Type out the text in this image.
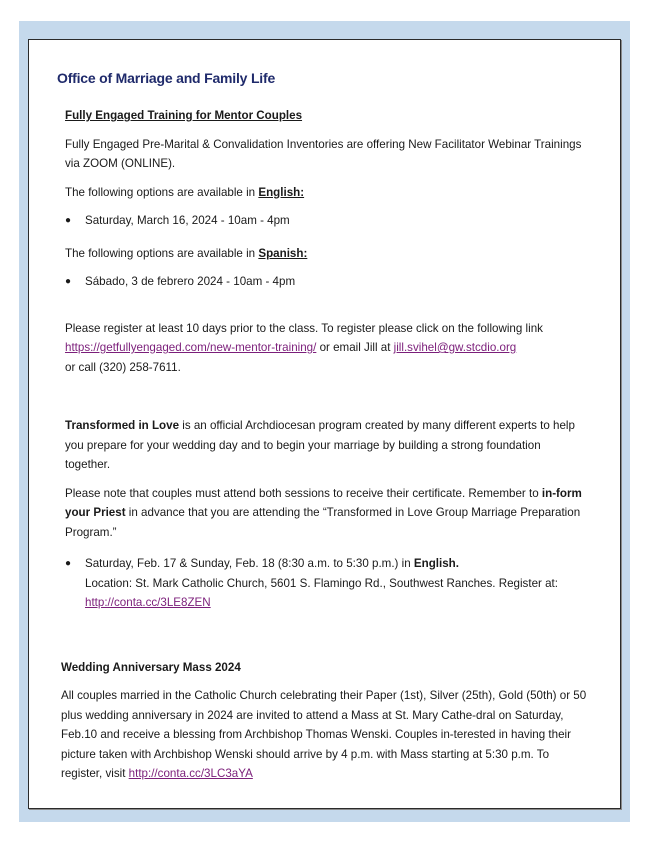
Office of Marriage and Family Life
Fully Engaged Training for Mentor Couples

Fully Engaged Pre-Marital & Convalidation Inventories are offering New Facilitator Webinar Trainings via ZOOM (ONLINE).

The following options are available in English:

●	Saturday, March 16, 2024 - 10am - 4pm

The following options are available in Spanish:

●	Sábado, 3 de febrero 2024 - 10am - 4pm

Please register at least 10 days prior to the class. To register please click on the following link https://getfullyengaged.com/new-mentor-training/ or email Jill at jill.svihel@gw.stcdio.org
or call (320) 258-7611.

Transformed in Love is an official Archdiocesan program created by many different experts to help you prepare for your wedding day and to begin your marriage by building a strong foundation together.

Please note that couples must attend both sessions to receive their certificate. Remember to in-form your Priest in advance that you are attending the “Transformed in Love Group Marriage Preparation Program.”

●	Saturday, Feb. 17 & Sunday, Feb. 18 (8:30 a.m. to 5:30 p.m.) in English.
Location: St. Mark Catholic Church, 5601 S. Flamingo Rd., Southwest Ranches. Register at:
http://conta.cc/3LE8ZEN

Wedding Anniversary Mass 2024

All couples married in the Catholic Church celebrating their Paper (1st), Silver (25th), Gold (50th) or 50 plus wedding anniversary in 2024 are invited to attend a Mass at St. Mary Cathe-dral on Saturday, Feb.10 and receive a blessing from Archbishop Thomas Wenski. Couples in-terested in having their picture taken with Archbishop Wenski should arrive by 4 p.m. with Mass starting at 5:30 p.m. To register, visit http://conta.cc/3LC3aYA
